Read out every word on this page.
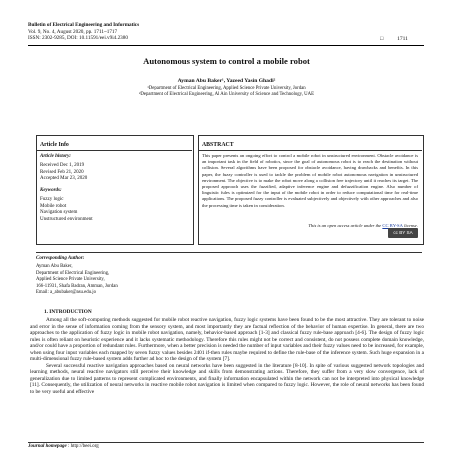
Bulletin of Electrical Engineering and Informatics
Vol. 9, No. 4, August 2020, pp. 1711~1717
ISSN: 2302-9285, DOI: 10.11591/eei.v9i4.2380	□	1711
Autonomous system to control a mobile robot
Ayman Abu Baker¹, Yazeed Yasin Ghadi²
¹Department of Electrical Engineering, Applied Science Private University, Jordan
²Department of Electrical Engineering, Al Ain University of Science and Technology, UAE
Article Info
Article history:
Received Dec 1, 2019
Revised Feb 21, 2020
Accepted Mar 23, 2020
Keywords:
Fuzzy logic
Mobile robot
Navigation system
Unstructured environment
ABSTRACT
This paper presents an ongoing effort to control a mobile robot in unstructured environment. Obstacle avoidance is an important task in the field of robotics, since the goal of autonomous robot is to reach the destination without collision. Several algorithms have been proposed for obstacle avoidance, having drawbacks and benefits. In this paper, the fuzzy controller is used to tackle the problem of mobile robot autonomous navigation in unstructured environment. The objective is to make the robot move along a collision free trajectory until it reaches its target. The proposed approach uses the fuzzified, adaptive inference engine and defuzzification engine. Also number of linguistic fules is optimized for the input of the mobile robot in order to reduce computational time for real-time applications. The proposed fuzzy controller is evaluated subjectively and objectively with other approaches and also the processing time is taken in consideration.
This is an open access article under the CC BY-SA license.
cc BY SA
Corresponding Author:
Ayman Abu Baker,
Department of Electrical Engineering,
Applied Science Private University,
166-11931, Shafa Badran, Amman, Jordan
Email: a_abubaker@asu.edu.jo
1. INTRODUCTION

Among all the soft-computing methods suggested for mobile robot reactive navigation, fuzzy logic systems have been found to be the most attractive. They are tolerant to noise and error in the sense of information coming from the sensory system, and most importantly they are factual reflection of the behavior of human expertise. In general, there are two approaches to the application of fuzzy logic in mobile robot navigation, namely, behavior-based approach [1-3] and classical fuzzy rule-base approach [4-6]. The design of fuzzy logic rules is often reliant on heuristic experience and it lacks systematic methodology. Therefore this rules might not be correct and consistent, do not possess complete domain knowledge, and/or could have a proportion of redundant rules. Furthermore, when a better precision is needed the number of input variables and their fuzzy values need to be increased, for example, when using four input variables each mapped by seven fuzzy values besides 2401 if-then rules maybe required to define the rule-base of the inference system. Such huge expansion in a multi-dimensional fuzzy rule-based system adds further ad hoc to the design of the system [7].

Several successful reactive navigation approaches based on neural networks have been suggested in the literature [8-10]. In spite of various suggested network topologies and learning methods, neural reactive navigators still perceive their knowledge and skills from demonstrating actions. Therefore, they suffer from a very slow convergence, lack of generalization due to limited patterns to represent complicated environments, and finally information encapsulated within the network can not be interpreted into physical knowledge [11]. Consequently, the utilization of neural networks in reactive mobile robot navigation is limited when compared to fuzzy logic. However, the role of neural networks has been found to be very useful and effective

Journal homepage : http://beei.org
